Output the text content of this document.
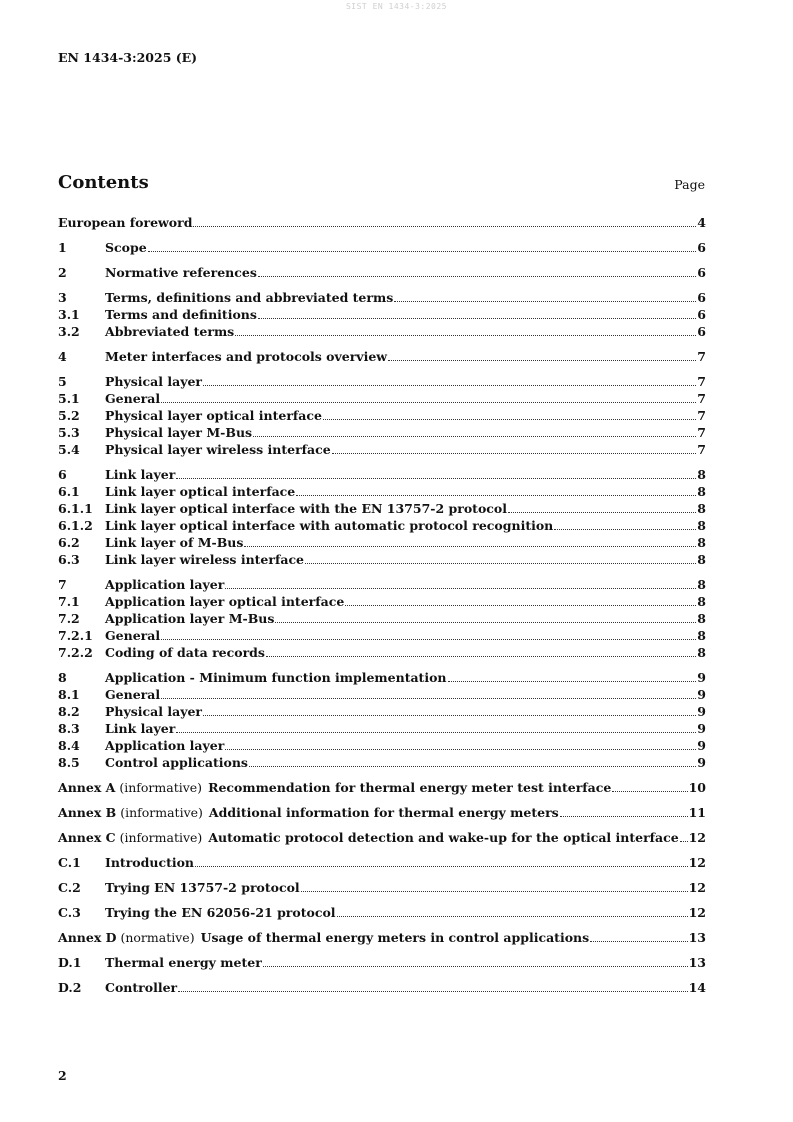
SIST EN 1434-3:2025
EN 1434-3:2025 (E)
Contents	Page
European foreword	4
1	Scope	6
2	Normative references	6
3	Terms, definitions and abbreviated terms	6
3.1	Terms and definitions	6
3.2	Abbreviated terms	6
4	Meter interfaces and protocols overview	7
5	Physical layer	7
5.1	General	7
5.2	Physical layer optical interface	7
5.3	Physical layer M-Bus	7
5.4	Physical layer wireless interface	7
6	Link layer	8
6.1	Link layer optical interface	8
6.1.1 Link layer optical interface with the EN 13757-2 protocol	8
6.1.2 Link layer optical interface with automatic protocol recognition	8
6.2	Link layer of M-Bus	8
6.3	Link layer wireless interface	8
7	Application layer	8
7.1	Application layer optical interface	8
7.2	Application layer M-Bus	8
7.2.1 General	8
7.2.2 Coding of data records	8
8	Application - Minimum function implementation	9
8.1	General	9
8.2	Physical layer	9
8.3	Link layer	9
8.4	Application layer	9
8.5	Control applications	9
Annex A (informative) Recommendation for thermal energy meter test interface	10
Annex B (informative) Additional information for thermal energy meters	11
Annex C (informative) Automatic protocol detection and wake-up for the optical interface 12
C.1	Introduction	12
C.2	Trying EN 13757-2 protocol	12
C.3	Trying the EN 62056-21 protocol	12
Annex D (normative) Usage of thermal energy meters in control applications	13
D.1	Thermal energy meter	13
D.2	Controller	14
2
